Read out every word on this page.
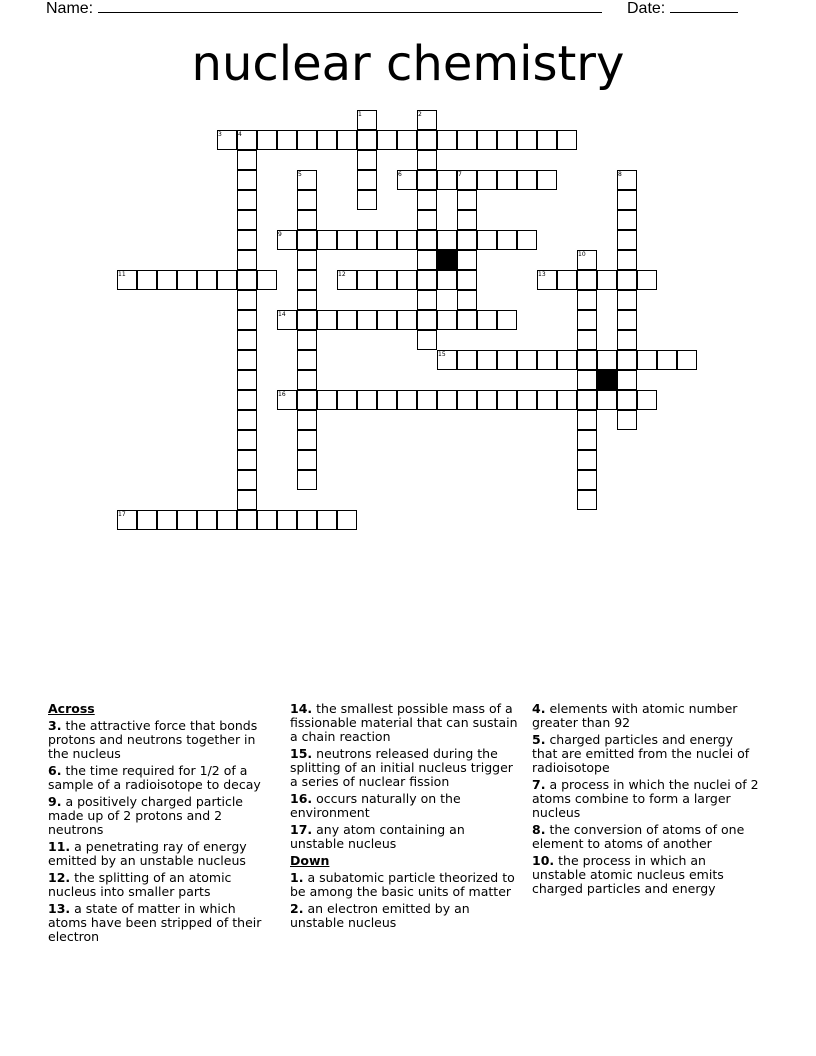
Name:	Date:
nuclear chemistry
1	2
3	4
5	6	7	8
9
10
11	12	13
14
15
16
17
Across
3. the attractive force that bonds protons and neutrons together in the nucleus
6. the time required for 1/2 of a sample of a radioisotope to decay
9. a positively charged particle made up of 2 protons and 2 neutrons
11. a penetrating ray of energy emitted by an unstable nucleus
12. the splitting of an atomic nucleus into smaller parts
13. a state of matter in which atoms have been stripped of their electron
14. the smallest possible mass of a fissionable material that can sustain a chain reaction
15. neutrons released during the splitting of an initial nucleus trigger a series of nuclear fission
16. occurs naturally on the environment
17. any atom containing an unstable nucleus
Down
1. a subatomic particle theorized to be among the basic units of matter
2. an electron emitted by an unstable nucleus
4. elements with atomic number greater than 92
5. charged particles and energy that are emitted from the nuclei of radioisotope
7. a process in which the nuclei of 2 atoms combine to form a larger nucleus
8. the conversion of atoms of one element to atoms of another
10. the process in which an unstable atomic nucleus emits charged particles and energy
